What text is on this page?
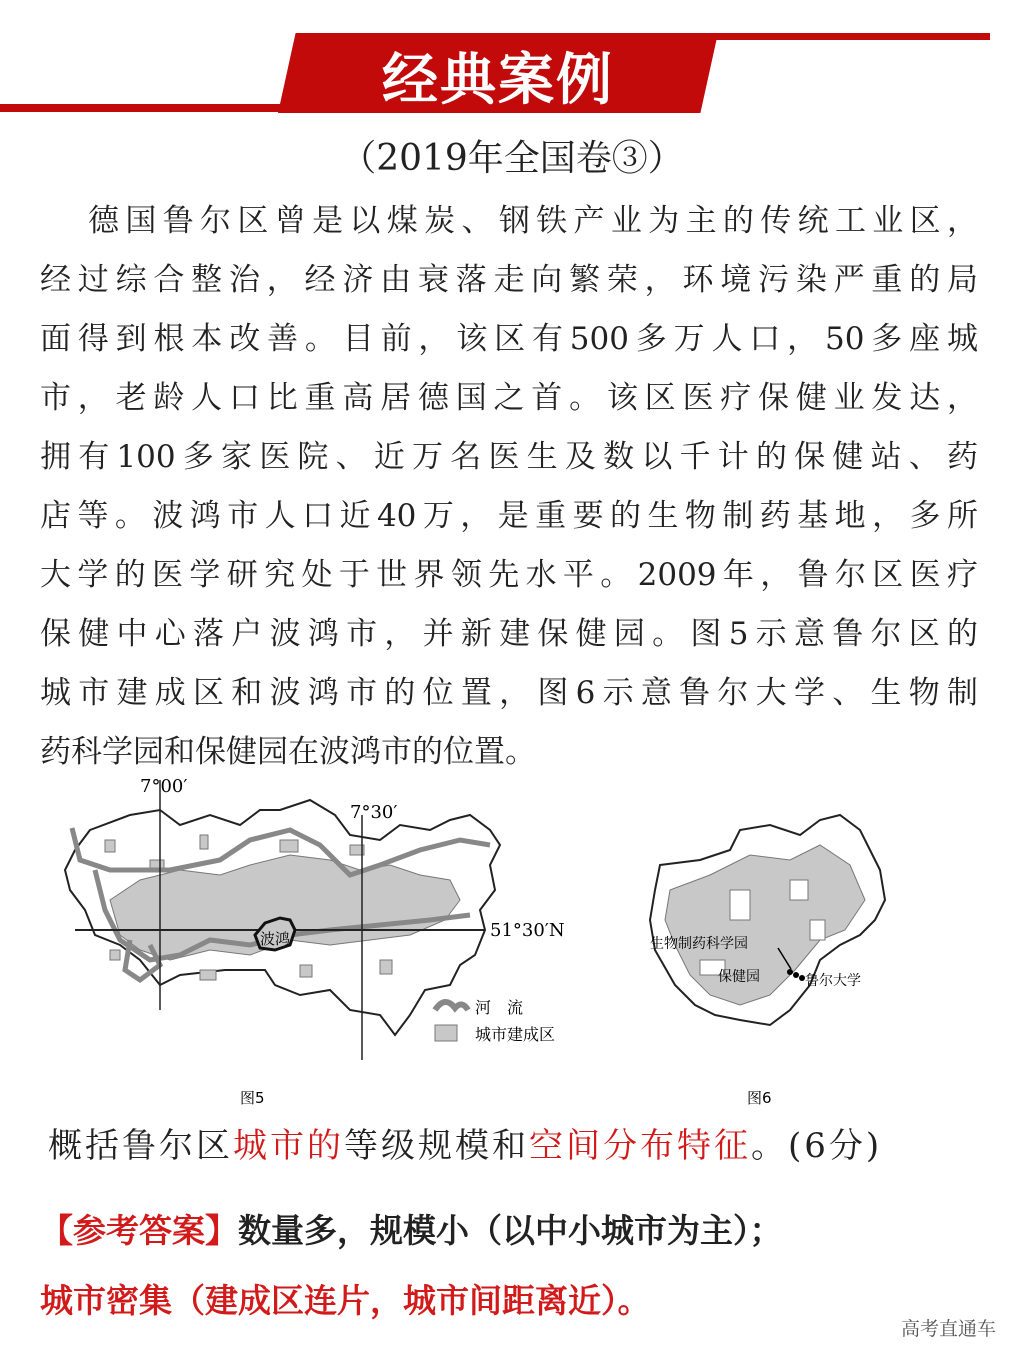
经典案例
（2019年全国卷③）
德国鲁尔区曾是以煤炭、钢铁产业为主的传统工业区，
经过综合整治，经济由衰落走向繁荣，环境污染严重的局
面得到根本改善。目前，该区有500多万人口，50多座城
市，老龄人口比重高居德国之首。该区医疗保健业发达，
拥有100多家医院、近万名医生及数以千计的保健站、药
店等。波鸿市人口近40万，是重要的生物制药基地，多所
大学的医学研究处于世界领先水平。2009年，鲁尔区医疗
保健中心落户波鸿市，并新建保健园。图5示意鲁尔区的
城市建成区和波鸿市的位置，图6示意鲁尔大学、生物制
药科学园和保健园在波鸿市的位置。
波鸿
7°00′
7°30′
51°30′N
河　流
城市建成区
图5
生物制药科学园
保健园	鲁尔大学
图6
概括鲁尔区城市的等级规模和空间分布特征。(6分)
【参考答案】数量多，规模小（以中小城市为主）；
城市密集（建成区连片，城市间距离近）。
高考直通车
